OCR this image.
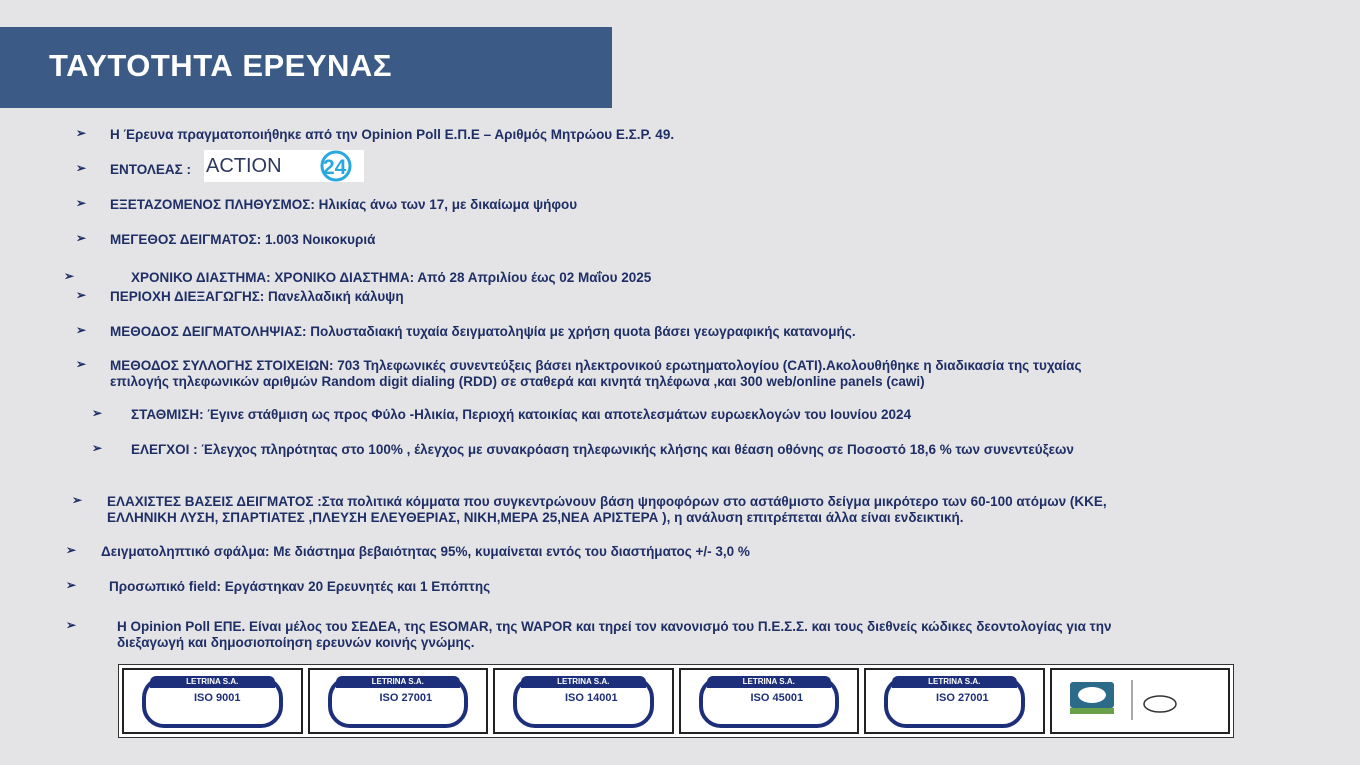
ΤΑΥΤΟΤΗΤΑ ΕΡΕΥΝΑΣ
➢ Η Έρευνα πραγματοποιήθηκε από την Opinion Poll Ε.Π.Ε – Αριθμός Μητρώου Ε.Σ.Ρ. 49.
➢ ΕΝΤΟΛΕΑΣ : ACTION 24
➢ ΕΞΕΤΑΖΟΜΕΝΟΣ ΠΛΗΘΥΣΜΟΣ: Ηλικίας άνω των 17, με δικαίωμα ψήφου
➢ ΜΕΓΕΘΟΣ ΔΕΙΓΜΑΤΟΣ: 1.003 Νοικοκυριά
➢	ΧΡΟΝΙΚΟ ΔΙΑΣΤΗΜΑ: ΧΡΟΝΙΚΟ ΔΙΑΣΤΗΜΑ: Από 28 Απριλίου έως 02 Μαΐου 2025
➢ ΠΕΡΙΟΧΗ ΔΙΕΞΑΓΩΓΗΣ: Πανελλαδική κάλυψη
➢ ΜΕΘΟΔΟΣ ΔΕΙΓΜΑΤΟΛΗΨΙΑΣ: Πολυσταδιακή τυχαία δειγματοληψία με χρήση quota βάσει γεωγραφικής κατανομής.
➢ ΜΕΘΟΔΟΣ ΣΥΛΛΟΓΗΣ ΣΤΟΙΧΕΙΩΝ: 703 Τηλεφωνικές συνεντεύξεις βάσει ηλεκτρονικού ερωτηματολογίου (CATI).Ακολουθήθηκε η διαδικασία της τυχαίας
επιλογής τηλεφωνικών αριθμών Random digit dialing (RDD) σε σταθερά και κινητά τηλέφωνα ,και 300 web/online panels (cawi)
➢ ΣΤΑΘΜΙΣΗ: Έγινε στάθμιση ως προς Φύλο -Ηλικία, Περιοχή κατοικίας και αποτελεσμάτων ευρωεκλογών του Ιουνίου 2024
➢ ΕΛΕΓΧΟΙ : Έλεγχος πληρότητας στο 100% , έλεγχος με συνακρόαση τηλεφωνικής κλήσης και θέαση οθόνης σε Ποσοστό 18,6 % των συνεντεύξεων
➢ ΕΛΑΧΙΣΤΕΣ ΒΑΣΕΙΣ ΔΕΙΓΜΑΤΟΣ :Στα πολιτικά κόμματα που συγκεντρώνουν βάση ψηφοφόρων στο αστάθμιστο δείγμα μικρότερο των 60-100 ατόμων (ΚΚΕ,
ΕΛΛΗΝΙΚΗ ΛΥΣΗ, ΣΠΑΡΤΙΑΤΕΣ ,ΠΛΕΥΣΗ ΕΛΕΥΘΕΡΙΑΣ, ΝΙΚΗ,ΜΕΡΑ 25,ΝΕΑ ΑΡΙΣΤΕΡΑ ), η ανάλυση επιτρέπεται άλλα είναι ενδεικτική.
➢ Δειγματοληπτικό σφάλμα: Με διάστημα βεβαιότητας 95%, κυμαίνεται εντός του διαστήματος +/- 3,0 %
➢ Προσωπικό field: Εργάστηκαν 20 Ερευνητές και 1 Επόπτης
➢	Η Opinion Poll ΕΠΕ. Είναι μέλος του ΣΕΔΕΑ, της ESOMAR, της WAPOR και τηρεί τον κανονισμό του Π.Ε.Σ.Σ. και τους διεθνείς κώδικες δεοντολογίας για την
διεξαγωγή και δημοσιοποίηση ερευνών κοινής γνώμης.
LETRINA S.A.
ISO 9001
LETRINA S.A.
ISO 27001
LETRINA S.A.
ISO 14001
LETRINA S.A.
ISO 45001
LETRINA S.A.
ISO 27001
